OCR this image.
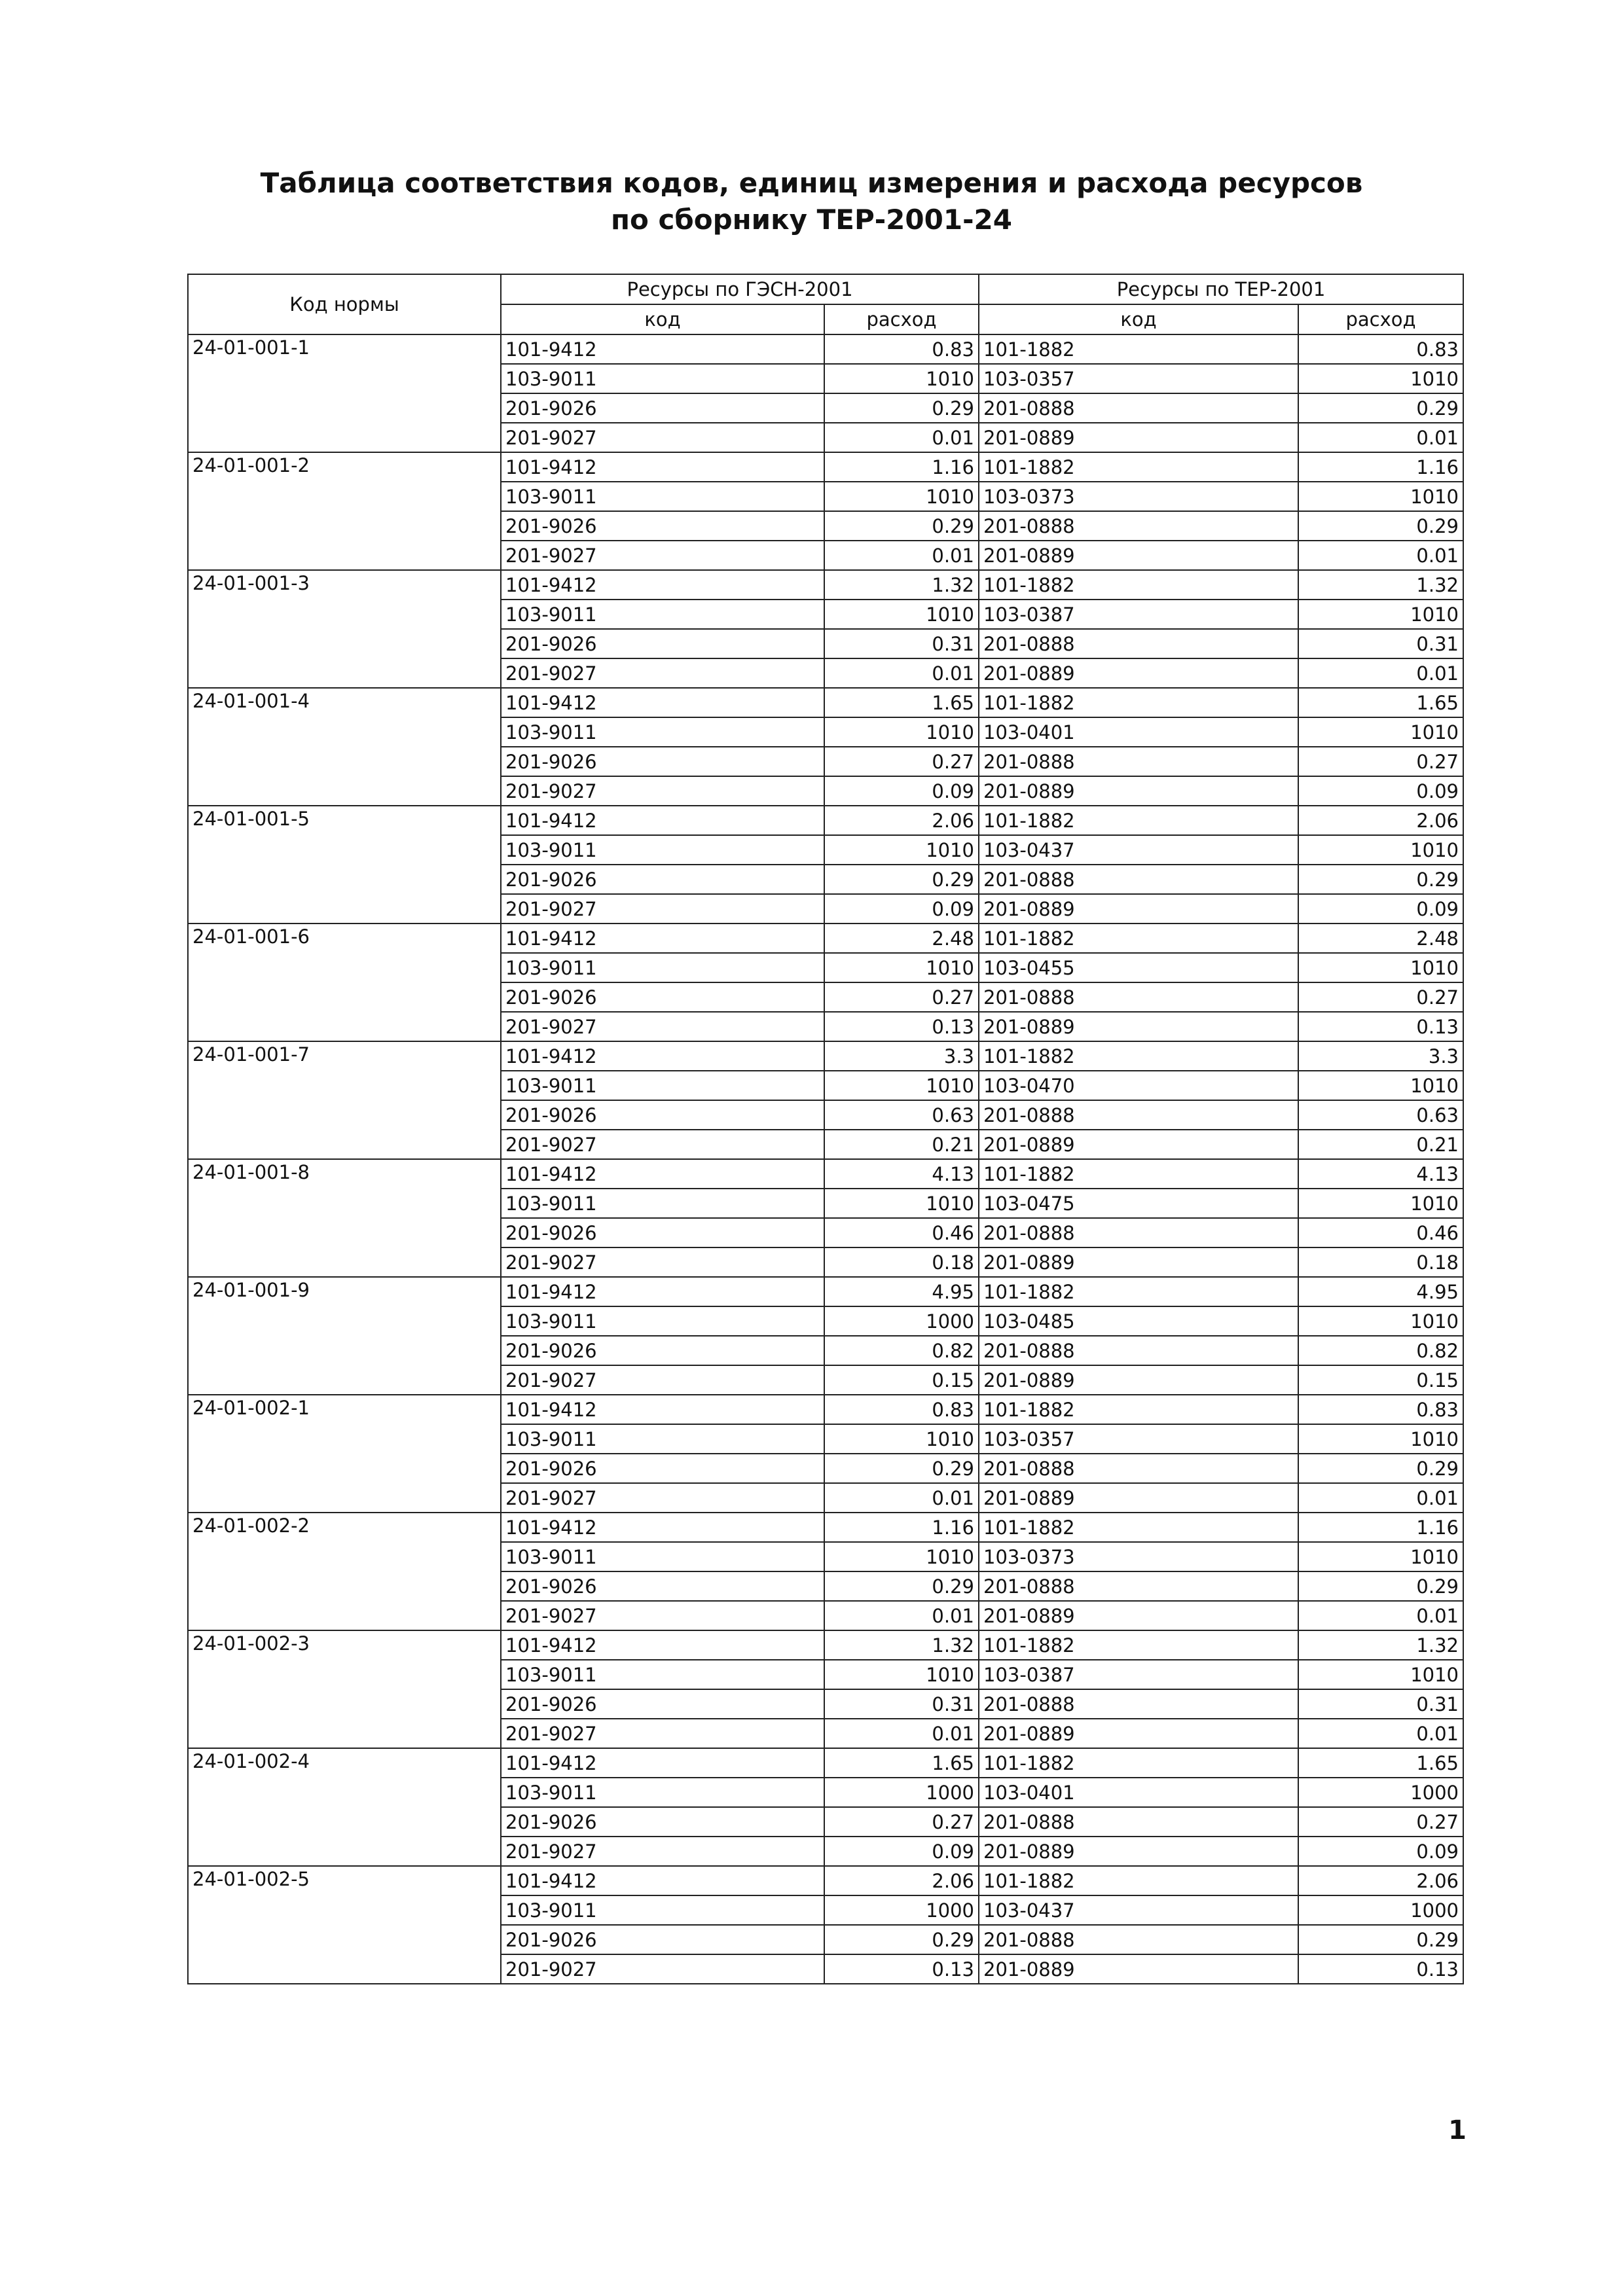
Таблица соответствия кодов, единиц измерения и расхода ресурсов
по сборнику ТЕР-2001-24
Код нормы	Ресурсы по ГЭСН-2001		Ресурсы по ТЕР-2001	
	код	расход	код	расход
24-01-001-1	101-9412	0.83	101-1882	0.83
	103-9011	1010	103-0357	1010
	201-9026	0.29	201-0888	0.29
	201-9027	0.01	201-0889	0.01
24-01-001-2	101-9412	1.16	101-1882	1.16
	103-9011	1010	103-0373	1010
	201-9026	0.29	201-0888	0.29
	201-9027	0.01	201-0889	0.01
24-01-001-3	101-9412	1.32	101-1882	1.32
	103-9011	1010	103-0387	1010
	201-9026	0.31	201-0888	0.31
	201-9027	0.01	201-0889	0.01
24-01-001-4	101-9412	1.65	101-1882	1.65
	103-9011	1010	103-0401	1010
	201-9026	0.27	201-0888	0.27
	201-9027	0.09	201-0889	0.09
24-01-001-5	101-9412	2.06	101-1882	2.06
	103-9011	1010	103-0437	1010
	201-9026	0.29	201-0888	0.29
	201-9027	0.09	201-0889	0.09
24-01-001-6	101-9412	2.48	101-1882	2.48
	103-9011	1010	103-0455	1010
	201-9026	0.27	201-0888	0.27
	201-9027	0.13	201-0889	0.13
24-01-001-7	101-9412	3.3	101-1882	3.3
	103-9011	1010	103-0470	1010
	201-9026	0.63	201-0888	0.63
	201-9027	0.21	201-0889	0.21
24-01-001-8	101-9412	4.13	101-1882	4.13
	103-9011	1010	103-0475	1010
	201-9026	0.46	201-0888	0.46
	201-9027	0.18	201-0889	0.18
24-01-001-9	101-9412	4.95	101-1882	4.95
	103-9011	1000	103-0485	1010
	201-9026	0.82	201-0888	0.82
	201-9027	0.15	201-0889	0.15
24-01-002-1	101-9412	0.83	101-1882	0.83
	103-9011	1010	103-0357	1010
	201-9026	0.29	201-0888	0.29
	201-9027	0.01	201-0889	0.01
24-01-002-2	101-9412	1.16	101-1882	1.16
	103-9011	1010	103-0373	1010
	201-9026	0.29	201-0888	0.29
	201-9027	0.01	201-0889	0.01
24-01-002-3	101-9412	1.32	101-1882	1.32
	103-9011	1010	103-0387	1010
	201-9026	0.31	201-0888	0.31
	201-9027	0.01	201-0889	0.01
24-01-002-4	101-9412	1.65	101-1882	1.65
	103-9011	1000	103-0401	1000
	201-9026	0.27	201-0888	0.27
	201-9027	0.09	201-0889	0.09
24-01-002-5	101-9412	2.06	101-1882	2.06
	103-9011	1000	103-0437	1000
	201-9026	0.29	201-0888	0.29
	201-9027	0.13	201-0889	0.13
1
